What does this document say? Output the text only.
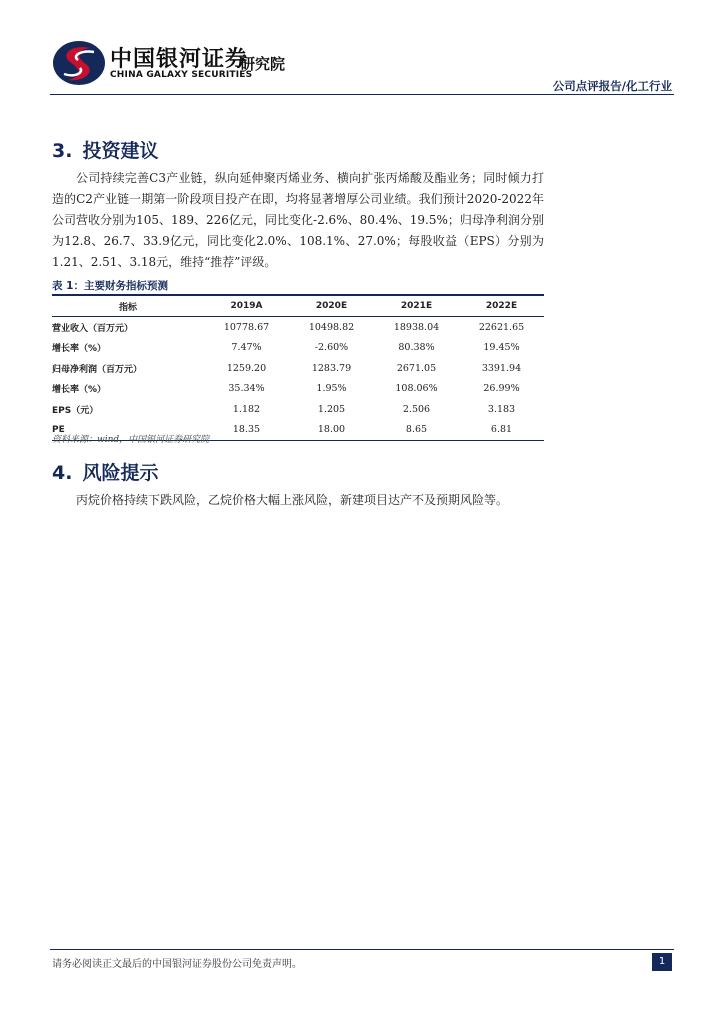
中国银河证券
CHINA GALAXY SECURITIES
研究院
公司点评报告/化工行业
3. 投资建议

公司持续完善C3产业链，纵向延伸聚丙烯业务、横向扩张丙烯酸及酯业务；同时倾力打造的C2产业链一期第一阶段项目投产在即，均将显著增厚公司业绩。我们预计2020-2022年公司营收分别为105、189、226亿元，同比变化-2.6%、80.4%、19.5%；归母净利润分别为12.8、26.7、33.9亿元，同比变化2.0%、108.1%、27.0%；每股收益（EPS）分别为1.21、2.51、3.18元，维持“推荐”评级。

表 1：主要财务指标预测
指标	2019A	2020E	2021E	2022E
营业收入（百万元）	10778.67	10498.82	18938.04	22621.65
增长率（%）	7.47%	-2.60%	80.38%	19.45%
归母净利润（百万元）	1259.20	1283.79	2671.05	3391.94
增长率（%）	35.34%	1.95%	108.06%	26.99%
EPS（元）	1.182	1.205	2.506	3.183
PE	18.35	18.00	8.65	6.81
资料来源：wind，中国银河证券研究院
4. 风险提示

丙烷价格持续下跌风险，乙烷价格大幅上涨风险，新建项目达产不及预期风险等。

请务必阅读正文最后的中国银河证券股份公司免责声明。	1
